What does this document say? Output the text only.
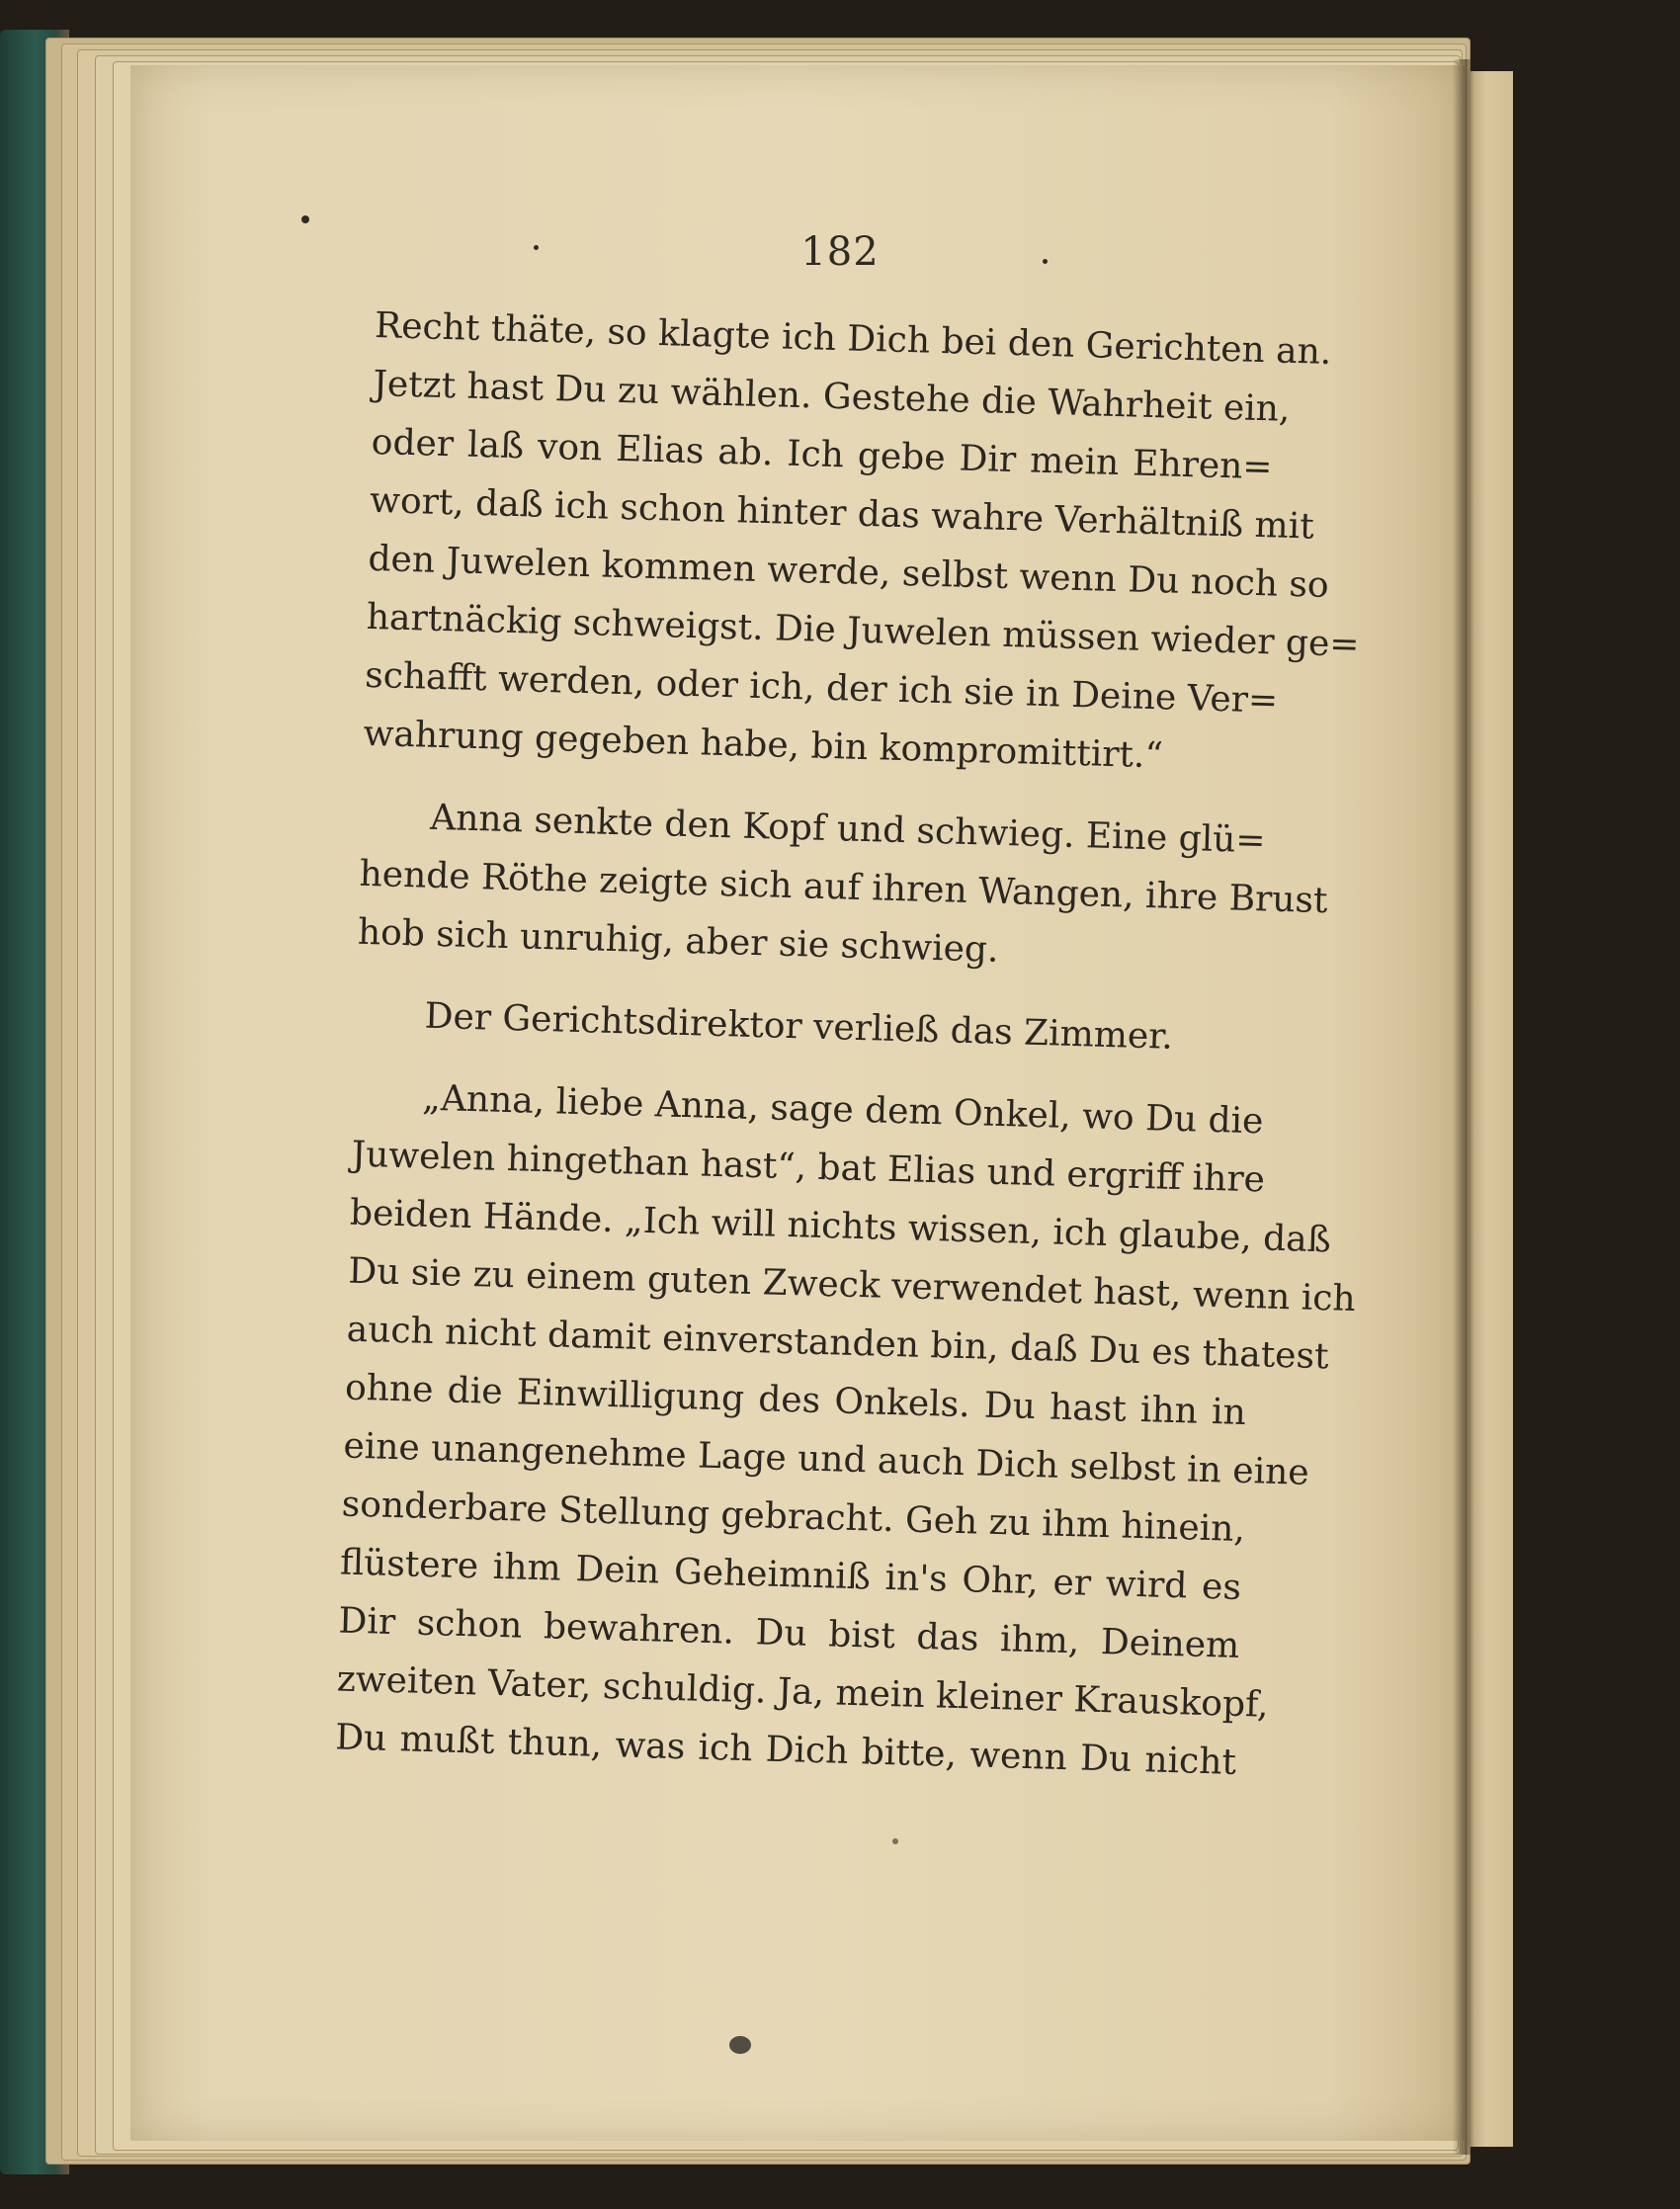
182
Recht thäte, so klagte ich Dich bei den Gerichten an.
Jetzt hast Du zu wählen. Gestehe die Wahrheit ein,
oder laß von Elias ab. Ich gebe Dir mein Ehren=
wort, daß ich schon hinter das wahre Verhältniß mit
den Juwelen kommen werde, selbst wenn Du noch so
hartnäckig schweigst. Die Juwelen müssen wieder ge=
schafft werden, oder ich, der ich sie in Deine Ver=
wahrung gegeben habe, bin kompromittirt.“
Anna senkte den Kopf und schwieg. Eine glü=
hende Röthe zeigte sich auf ihren Wangen, ihre Brust
hob sich unruhig, aber sie schwieg.
Der Gerichtsdirektor verließ das Zimmer.
„Anna, liebe Anna, sage dem Onkel, wo Du die
Juwelen hingethan hast“, bat Elias und ergriff ihre
beiden Hände. „Ich will nichts wissen, ich glaube, daß
Du sie zu einem guten Zweck verwendet hast, wenn ich
auch nicht damit einverstanden bin, daß Du es thatest
ohne die Einwilligung des Onkels. Du hast ihn in
eine unangenehme Lage und auch Dich selbst in eine
sonderbare Stellung gebracht. Geh zu ihm hinein,
flüstere ihm Dein Geheimniß in's Ohr, er wird es
Dir schon bewahren. Du bist das ihm, Deinem
zweiten Vater, schuldig. Ja, mein kleiner Krauskopf,
Du mußt thun, was ich Dich bitte, wenn Du nicht
